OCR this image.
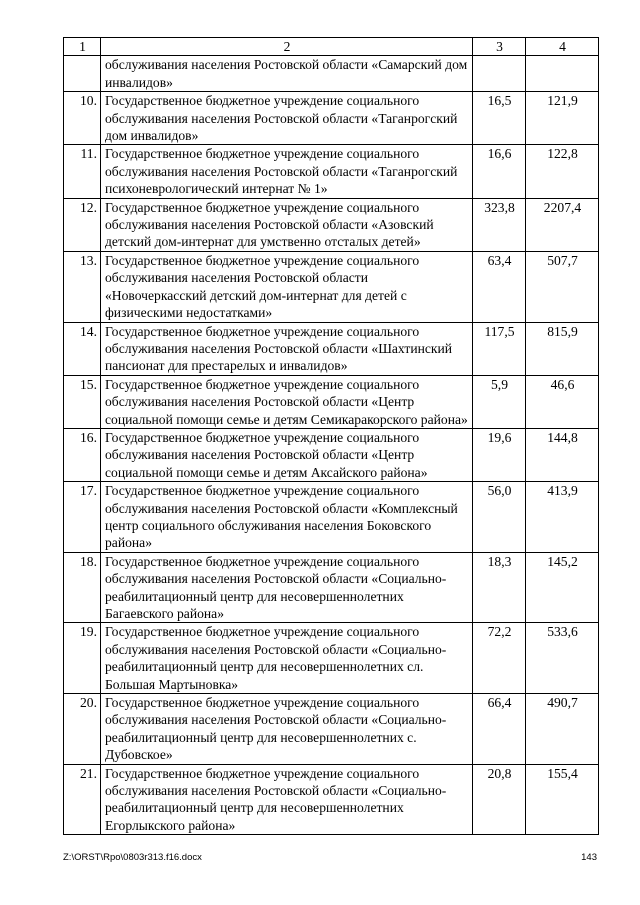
1	2	3	4
	обслуживания населения Ростовской области «Самарский дом инвалидов»		
10.	Государственное бюджетное учреждение социального обслуживания населения Ростовской области «Таганрогский дом инвалидов»	16,5	121,9
11.	Государственное бюджетное учреждение социального обслуживания населения Ростовской области «Таганрогский психоневрологический интернат № 1»	16,6	122,8
12.	Государственное бюджетное учреждение социального обслуживания населения Ростовской области «Азовский детский дом-интернат для умственно отсталых детей»	323,8	2207,4
13.	Государственное бюджетное учреждение социального обслуживания населения Ростовской области «Новочеркасский детский дом-интернат для детей с физическими недостатками»	63,4	507,7
14.	Государственное бюджетное учреждение социального обслуживания населения Ростовской области «Шахтинский пансионат для престарелых и инвалидов»	117,5	815,9
15.	Государственное бюджетное учреждение социального обслуживания населения Ростовской области «Центр социальной помощи семье и детям Семикаракорского района»	5,9	46,6
16.	Государственное бюджетное учреждение социального обслуживания населения Ростовской области «Центр социальной помощи семье и детям Аксайского района»	19,6	144,8
17.	Государственное бюджетное учреждение социального обслуживания населения Ростовской области «Комплексный центр социального обслуживания населения Боковского района»	56,0	413,9
18.	Государственное бюджетное учреждение социального обслуживания населения Ростовской области «Социально-реабилитационный центр для несовершеннолетних Багаевского района»	18,3	145,2
19.	Государственное бюджетное учреждение социального обслуживания населения Ростовской области «Социально-реабилитационный центр для несовершеннолетних сл. Большая Мартыновка»	72,2	533,6
20.	Государственное бюджетное учреждение социального обслуживания населения Ростовской области «Социально-реабилитационный центр для несовершеннолетних с. Дубовское»	66,4	490,7
21.	Государственное бюджетное учреждение социального обслуживания населения Ростовской области «Социально-реабилитационный центр для несовершеннолетних Егорлыкского района»	20,8	155,4
Z:\ORST\Rpo\0803r313.f16.docx	143
